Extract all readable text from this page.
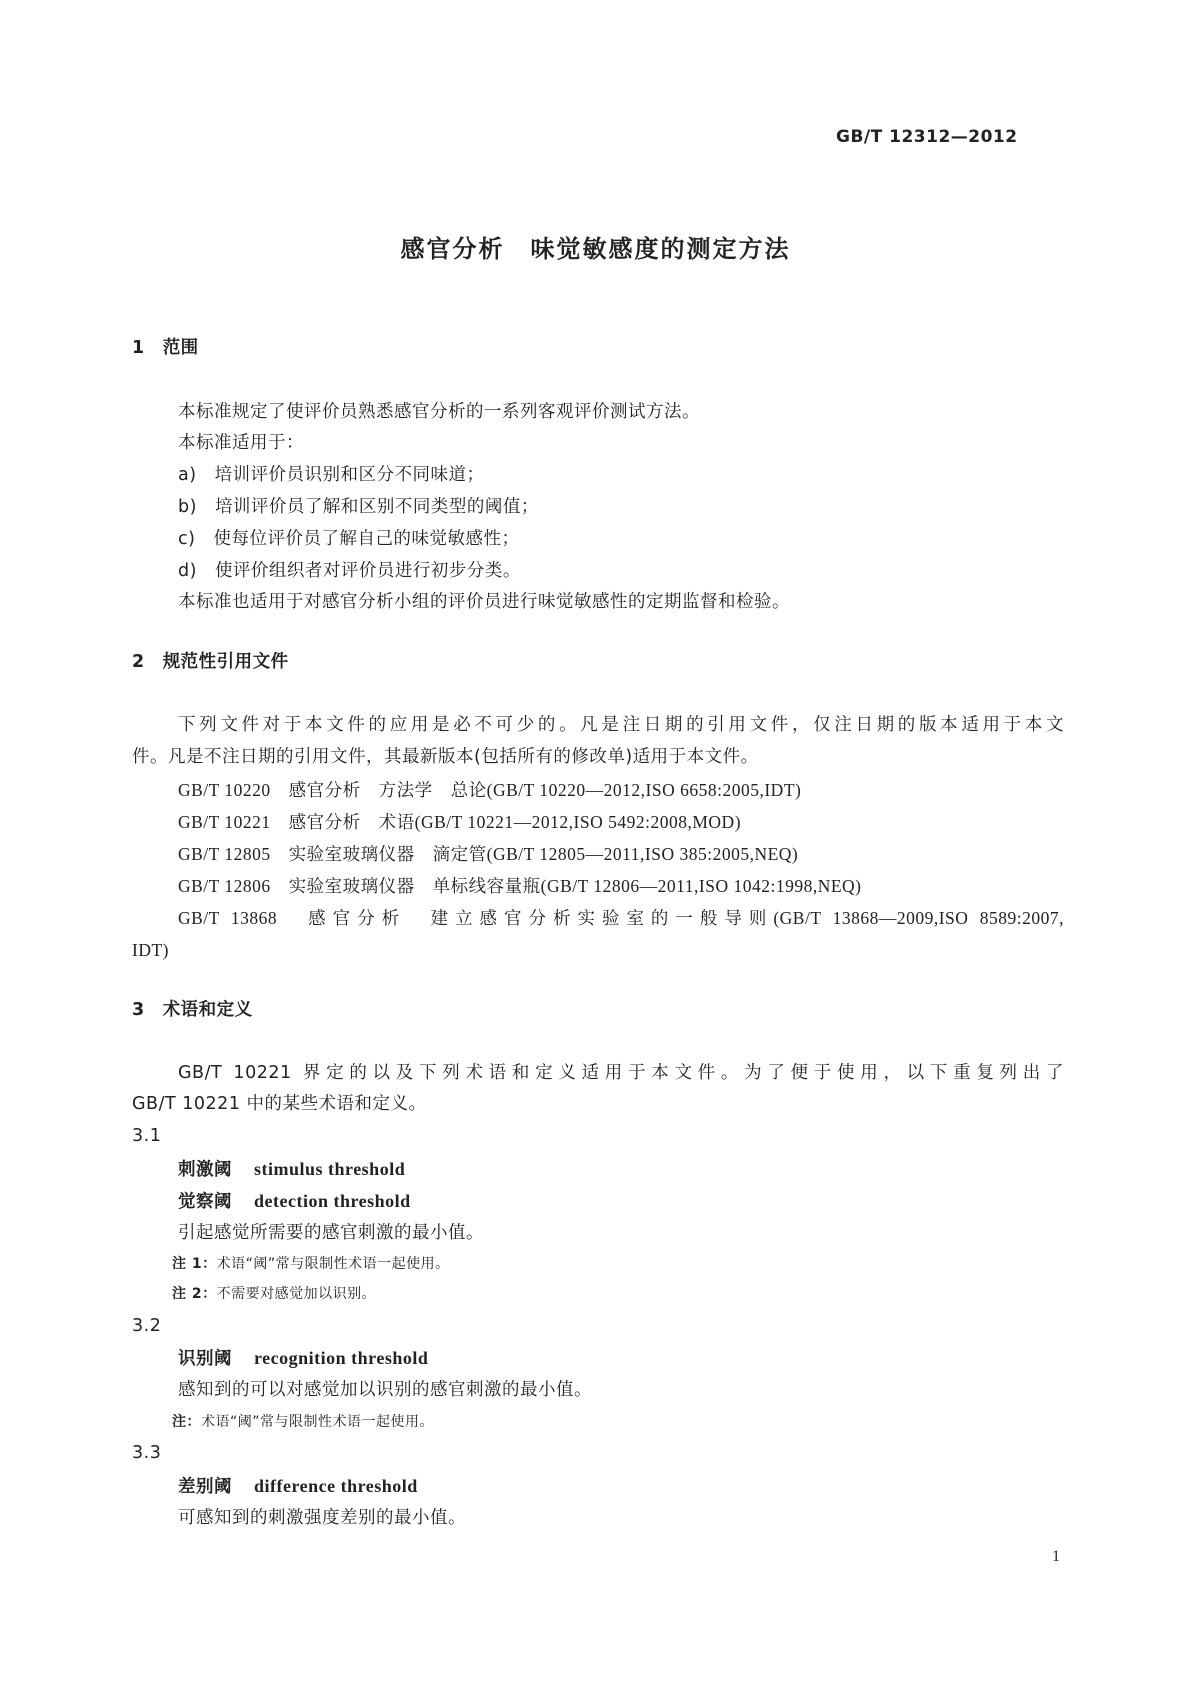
GB/T 12312—2012
感官分析　味觉敏感度的测定方法
1　 范围
本标准规定了使评价员熟悉感官分析的一系列客观评价测试方法。
本标准适用于：
a)　 培训评价员识别和区分不同味道；
b)　 培训评价员了解和区别不同类型的阈值；
c)　 使每位评价员了解自己的味觉敏感性；
d)　 使评价组织者对评价员进行初步分类。
本标准也适用于对感官分析小组的评价员进行味觉敏感性的定期监督和检验。
2　 规范性引用文件
下列文件对于本文件的应用是必不可少的。凡是注日期的引用文件，仅注日期的版本适用于本文
件。凡是不注日期的引用文件，其最新版本(包括所有的修改单)适用于本文件。
GB/T 10220　感官分析　方法学　总论(GB/T 10220—2012,ISO 6658:2005,IDT)
GB/T 10221　感官分析　术语(GB/T 10221—2012,ISO 5492:2008,MOD)
GB/T 12805　实验室玻璃仪器　滴定管(GB/T 12805—2011,ISO 385:2005,NEQ)
GB/T 12806　实验室玻璃仪器　单标线容量瓶(GB/T 12806—2011,ISO 1042:1998,NEQ)
GB/T 13868　感官分析　建立感官分析实验室的一般导则(GB/T 13868—2009,ISO 8589:2007,
IDT)
3　 术语和定义
GB/T 10221 界定的以及下列术语和定义适用于本文件。为了便于使用，以下重复列出了
GB/T 10221 中的某些术语和定义。
3.1
刺激阈 stimulus threshold
觉察阈 detection threshold
引起感觉所需要的感官刺激的最小值。
注 1：术语“阈”常与限制性术语一起使用。
注 2：不需要对感觉加以识别。
3.2
识别阈 recognition threshold
感知到的可以对感觉加以识别的感官刺激的最小值。
注：术语“阈”常与限制性术语一起使用。
3.3
差别阈 difference threshold
可感知到的刺激强度差别的最小值。
1
